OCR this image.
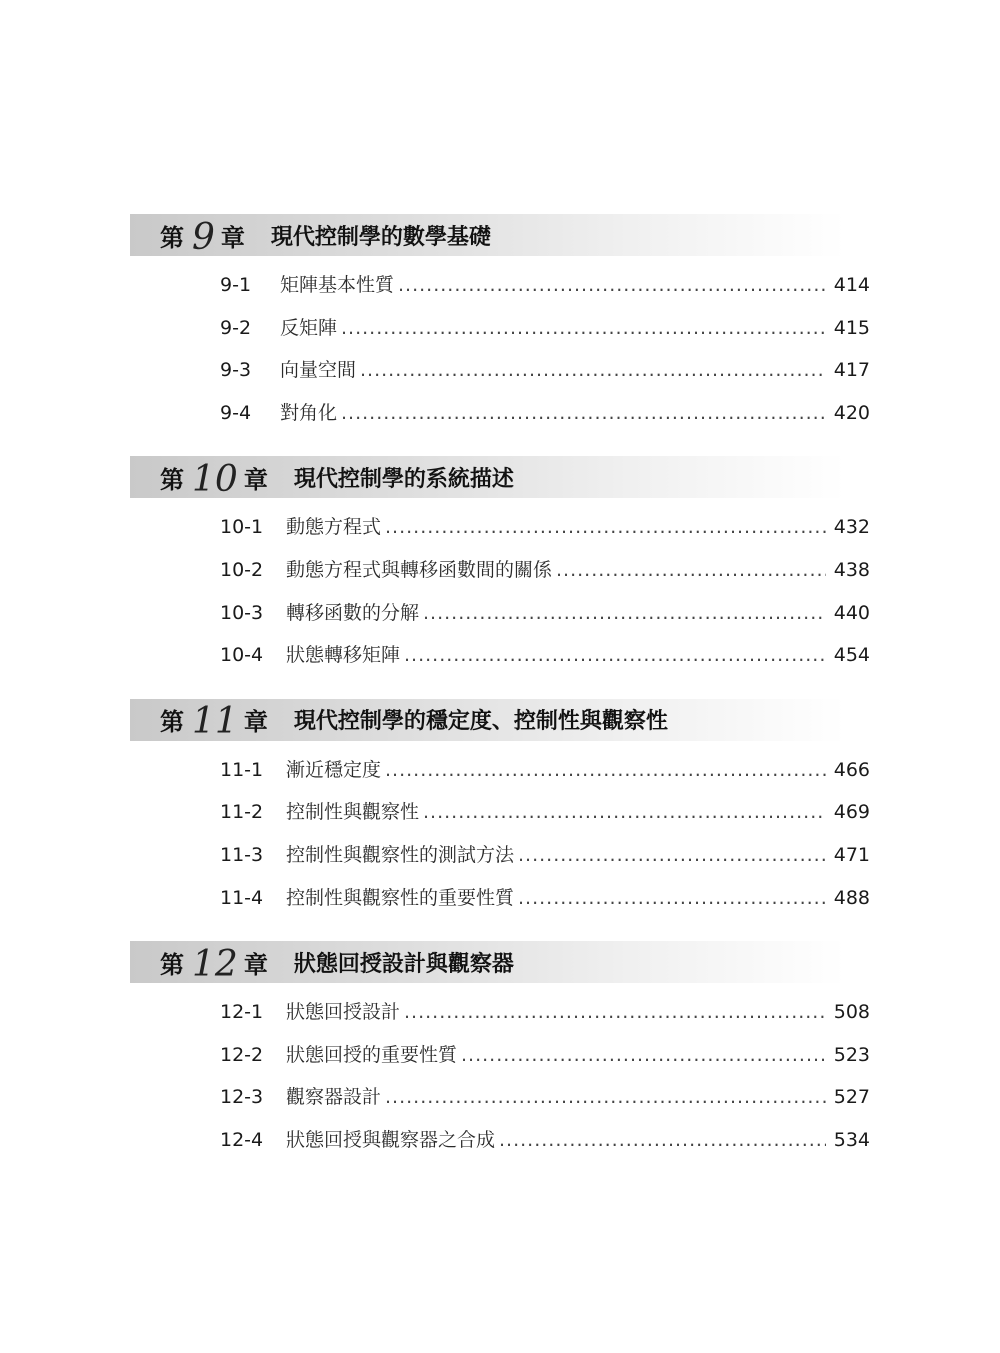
第 9 章 現代控制學的數學基礎
9-1	矩陣基本性質 .....	414
9-2	反矩陣 .....	415
9-3	向量空間 .....	417
9-4	對角化 .....	420
第 10 章 現代控制學的系統描述
10-1	動態方程式 .....	432
10-2	動態方程式與轉移函數間的關係 .....	438
10-3	轉移函數的分解 .....	440
10-4	狀態轉移矩陣 .....	454
第 11 章 現代控制學的穩定度、控制性與觀察性
11-1	漸近穩定度 .....	466
11-2	控制性與觀察性 .....	469
11-3	控制性與觀察性的測試方法 .....	471
11-4	控制性與觀察性的重要性質 .....	488
第 12 章 狀態回授設計與觀察器
12-1	狀態回授設計 .....	508
12-2	狀態回授的重要性質 .....	523
12-3	觀察器設計 .....	527
12-4	狀態回授與觀察器之合成 .....	534
